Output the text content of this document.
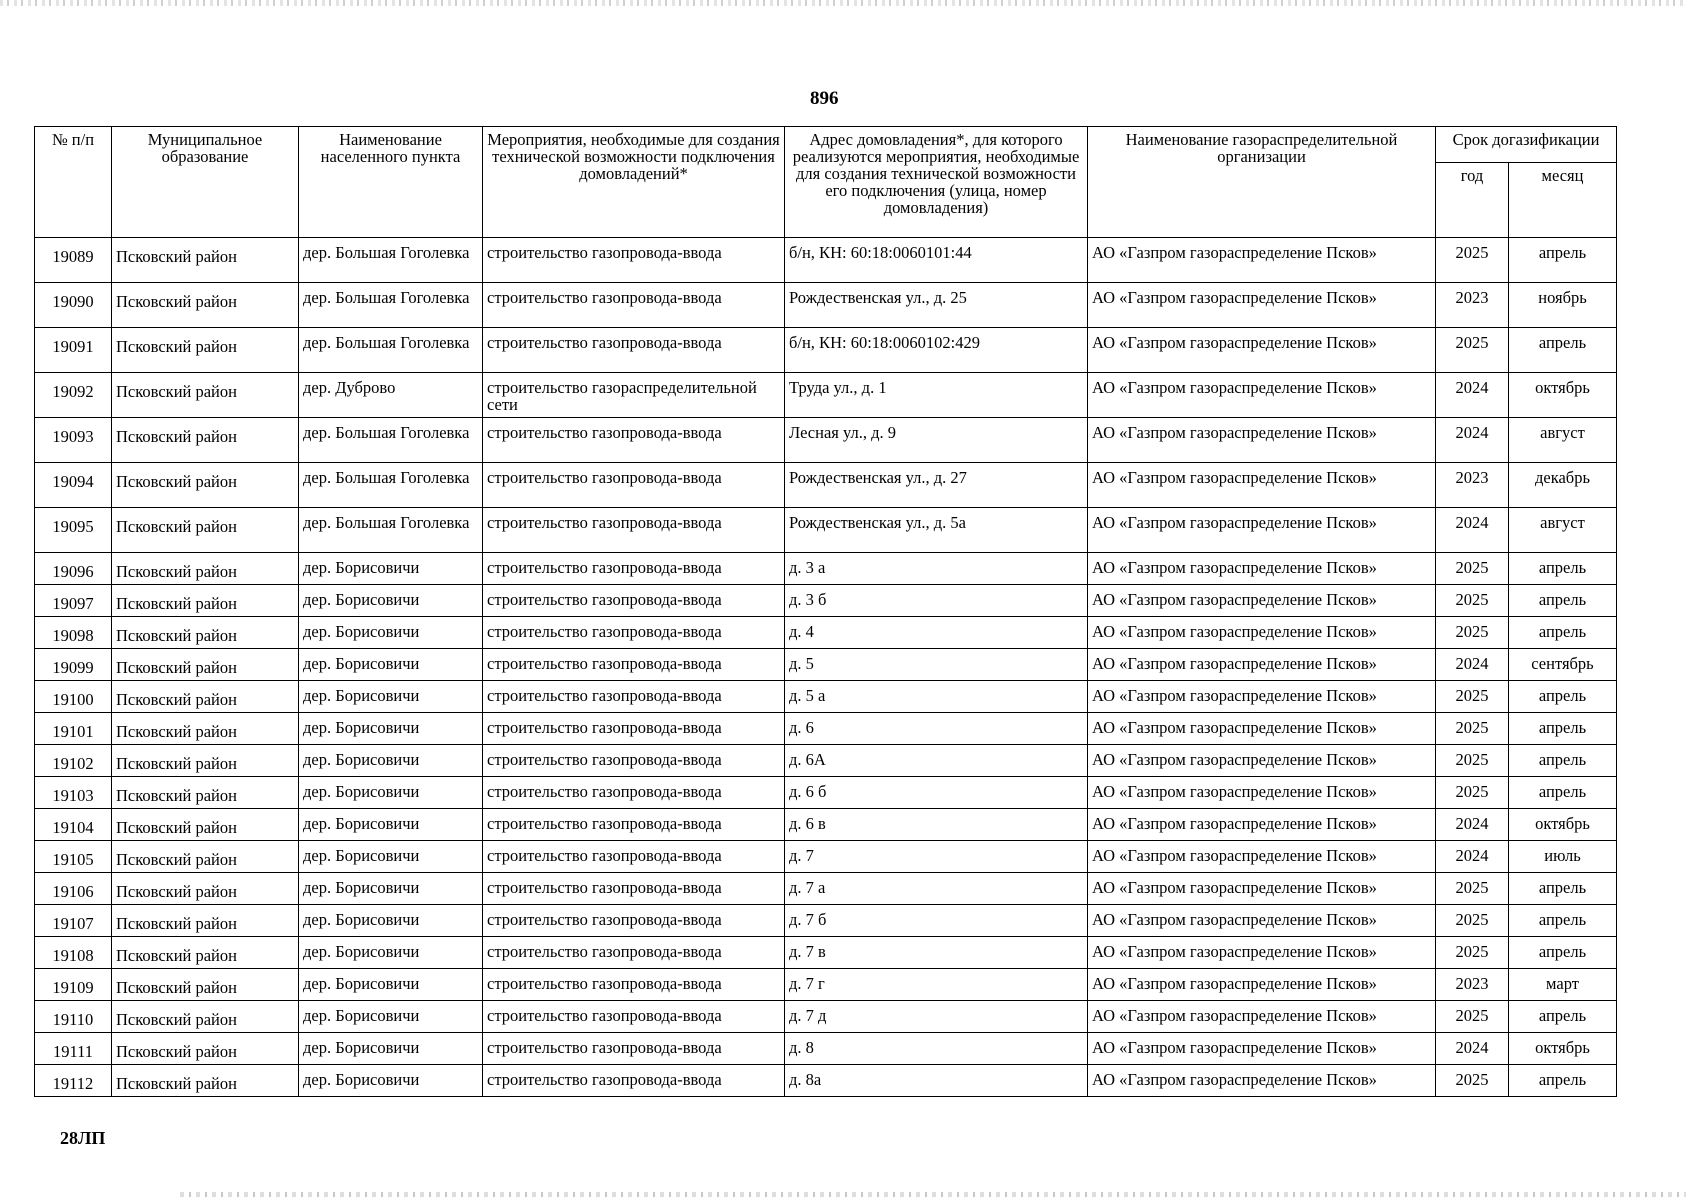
896
№ п/п	Муниципальное образование	Наименование населенного пункта	Мероприятия, необходимые для создания технической возможности подключения домовладений*	Адрес домовладения*, для которого реализуются мероприятия, необходимые для создания технической возможности его подключения (улица, номер домовладения)	Наименование газораспределительной организации	Срок догазификации	
						год	месяц
19089	Псковский район	дер. Большая Гоголевка	строительство газопровода-ввода	б/н, КН: 60:18:0060101:44	АО «Газпром газораспределение Псков»	2025	апрель
19090	Псковский район	дер. Большая Гоголевка	строительство газопровода-ввода	Рождественская ул., д. 25	АО «Газпром газораспределение Псков»	2023	ноябрь
19091	Псковский район	дер. Большая Гоголевка	строительство газопровода-ввода	б/н, КН: 60:18:0060102:429	АО «Газпром газораспределение Псков»	2025	апрель
19092	Псковский район	дер. Дуброво	строительство газораспределительной сети	Труда ул., д. 1	АО «Газпром газораспределение Псков»	2024	октябрь
19093	Псковский район	дер. Большая Гоголевка	строительство газопровода-ввода	Лесная ул., д. 9	АО «Газпром газораспределение Псков»	2024	август
19094	Псковский район	дер. Большая Гоголевка	строительство газопровода-ввода	Рождественская ул., д. 27	АО «Газпром газораспределение Псков»	2023	декабрь
19095	Псковский район	дер. Большая Гоголевка	строительство газопровода-ввода	Рождественская ул., д. 5а	АО «Газпром газораспределение Псков»	2024	август
19096	Псковский район	дер. Борисовичи	строительство газопровода-ввода	д. 3 а	АО «Газпром газораспределение Псков»	2025	апрель
19097	Псковский район	дер. Борисовичи	строительство газопровода-ввода	д. 3 б	АО «Газпром газораспределение Псков»	2025	апрель
19098	Псковский район	дер. Борисовичи	строительство газопровода-ввода	д. 4	АО «Газпром газораспределение Псков»	2025	апрель
19099	Псковский район	дер. Борисовичи	строительство газопровода-ввода	д. 5	АО «Газпром газораспределение Псков»	2024	сентябрь
19100	Псковский район	дер. Борисовичи	строительство газопровода-ввода	д. 5 а	АО «Газпром газораспределение Псков»	2025	апрель
19101	Псковский район	дер. Борисовичи	строительство газопровода-ввода	д. 6	АО «Газпром газораспределение Псков»	2025	апрель
19102	Псковский район	дер. Борисовичи	строительство газопровода-ввода	д. 6А	АО «Газпром газораспределение Псков»	2025	апрель
19103	Псковский район	дер. Борисовичи	строительство газопровода-ввода	д. 6 б	АО «Газпром газораспределение Псков»	2025	апрель
19104	Псковский район	дер. Борисовичи	строительство газопровода-ввода	д. 6 в	АО «Газпром газораспределение Псков»	2024	октябрь
19105	Псковский район	дер. Борисовичи	строительство газопровода-ввода	д. 7	АО «Газпром газораспределение Псков»	2024	июль
19106	Псковский район	дер. Борисовичи	строительство газопровода-ввода	д. 7 а	АО «Газпром газораспределение Псков»	2025	апрель
19107	Псковский район	дер. Борисовичи	строительство газопровода-ввода	д. 7 б	АО «Газпром газораспределение Псков»	2025	апрель
19108	Псковский район	дер. Борисовичи	строительство газопровода-ввода	д. 7 в	АО «Газпром газораспределение Псков»	2025	апрель
19109	Псковский район	дер. Борисовичи	строительство газопровода-ввода	д. 7 г	АО «Газпром газораспределение Псков»	2023	март
19110	Псковский район	дер. Борисовичи	строительство газопровода-ввода	д. 7 д	АО «Газпром газораспределение Псков»	2025	апрель
19111	Псковский район	дер. Борисовичи	строительство газопровода-ввода	д. 8	АО «Газпром газораспределение Псков»	2024	октябрь
19112	Псковский район	дер. Борисовичи	строительство газопровода-ввода	д. 8а	АО «Газпром газораспределение Псков»	2025	апрель
28ЛП
